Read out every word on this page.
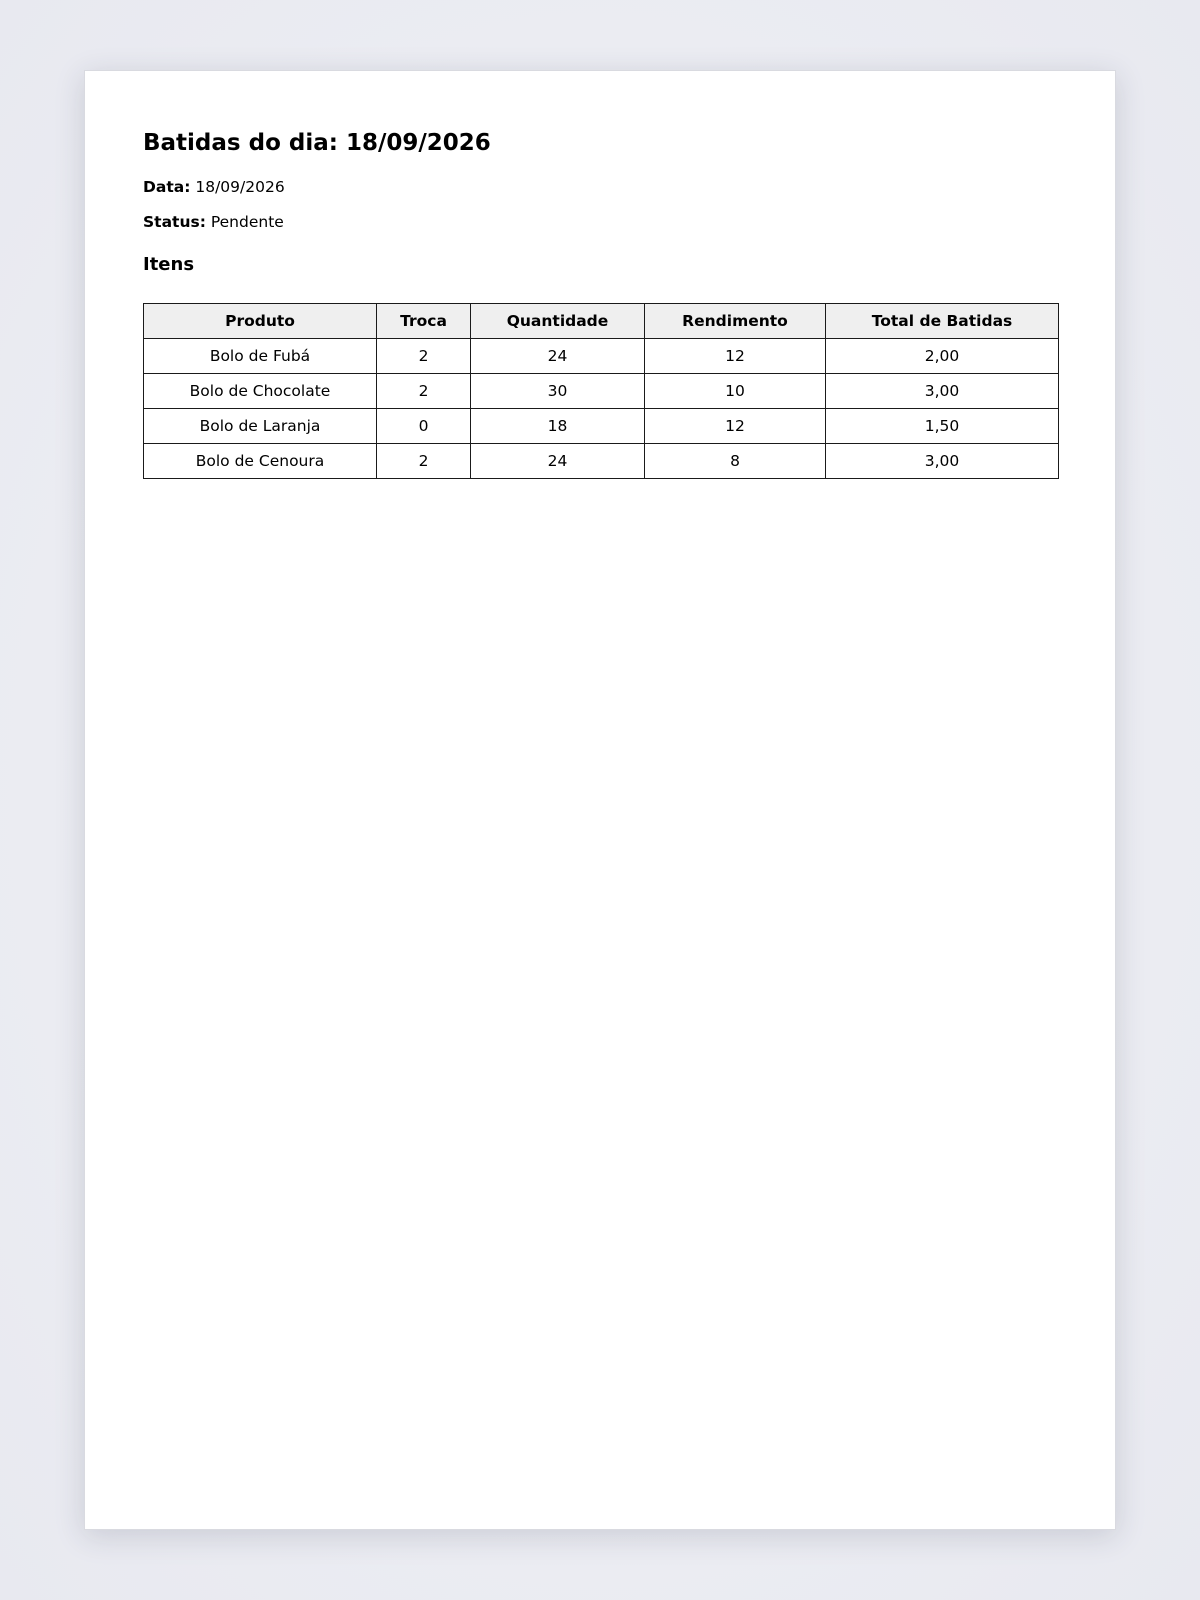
Batidas do dia: 18/09/2026

Data: 18/09/2026

Status: Pendente

Itens
Produto	Troca	Quantidade	Rendimento	Total de Batidas
Bolo de Fubá	2	24	12	2,00
Bolo de Chocolate	2	30	10	3,00
Bolo de Laranja	0	18	12	1,50
Bolo de Cenoura	2	24	8	3,00
